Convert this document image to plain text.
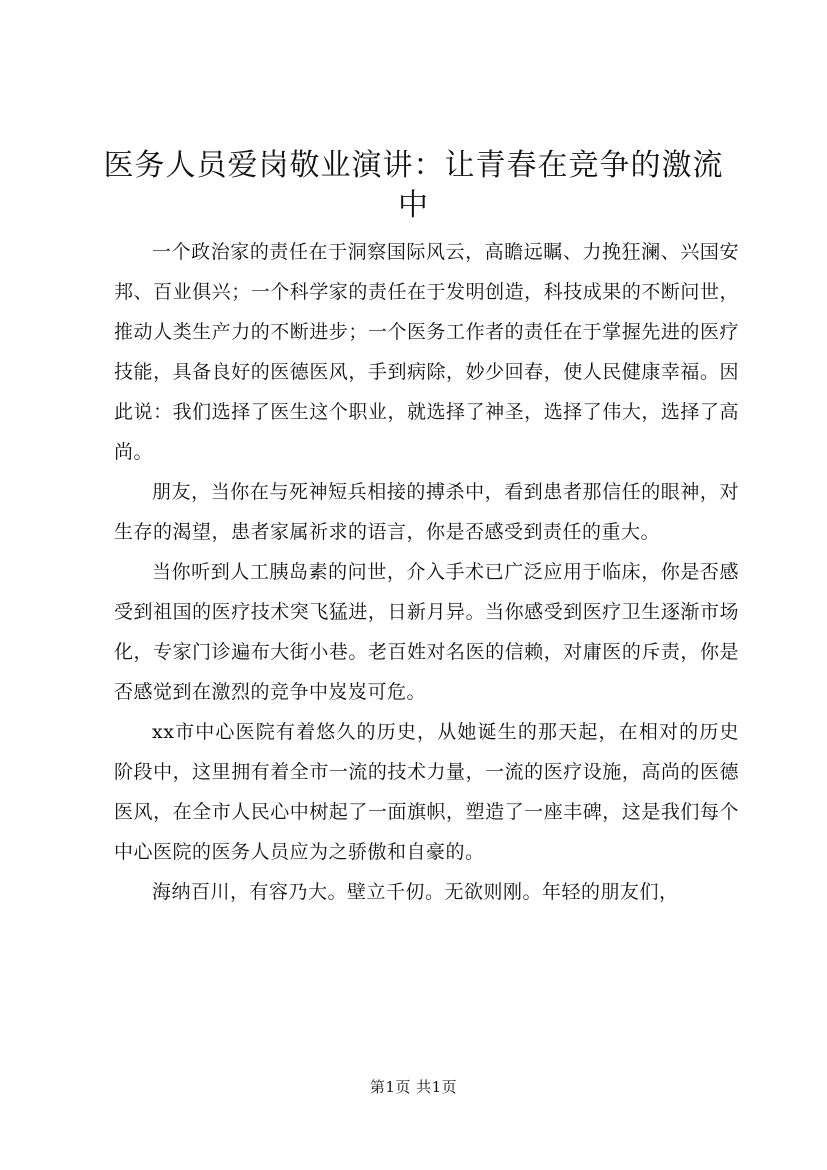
医务人员爱岗敬业演讲：让青春在竞争的激流中

一个政治家的责任在于洞察国际风云，高瞻远瞩、力挽狂澜、兴国安邦、百业俱兴；一个科学家的责任在于发明创造，科技成果的不断问世，推动人类生产力的不断进步；一个医务工作者的责任在于掌握先进的医疗技能，具备良好的医德医风，手到病除，妙少回春，使人民健康幸福。因此说：我们选择了医生这个职业，就选择了神圣，选择了伟大，选择了高尚。

朋友，当你在与死神短兵相接的搏杀中，看到患者那信任的眼神，对生存的渴望，患者家属祈求的语言，你是否感受到责任的重大。

当你听到人工胰岛素的问世，介入手术已广泛应用于临床，你是否感受到祖国的医疗技术突飞猛进，日新月异。当你感受到医疗卫生逐渐市场化，专家门诊遍布大街小巷。老百姓对名医的信赖，对庸医的斥责，你是否感觉到在激烈的竞争中岌岌可危。

xx市中心医院有着悠久的历史，从她诞生的那天起，在相对的历史阶段中，这里拥有着全市一流的技术力量，一流的医疗设施，高尚的医德医风，在全市人民心中树起了一面旗帜，塑造了一座丰碑，这是我们每个中心医院的医务人员应为之骄傲和自豪的。

海纳百川，有容乃大。壁立千仞。无欲则刚。年轻的朋友们，

第1页 共1页
